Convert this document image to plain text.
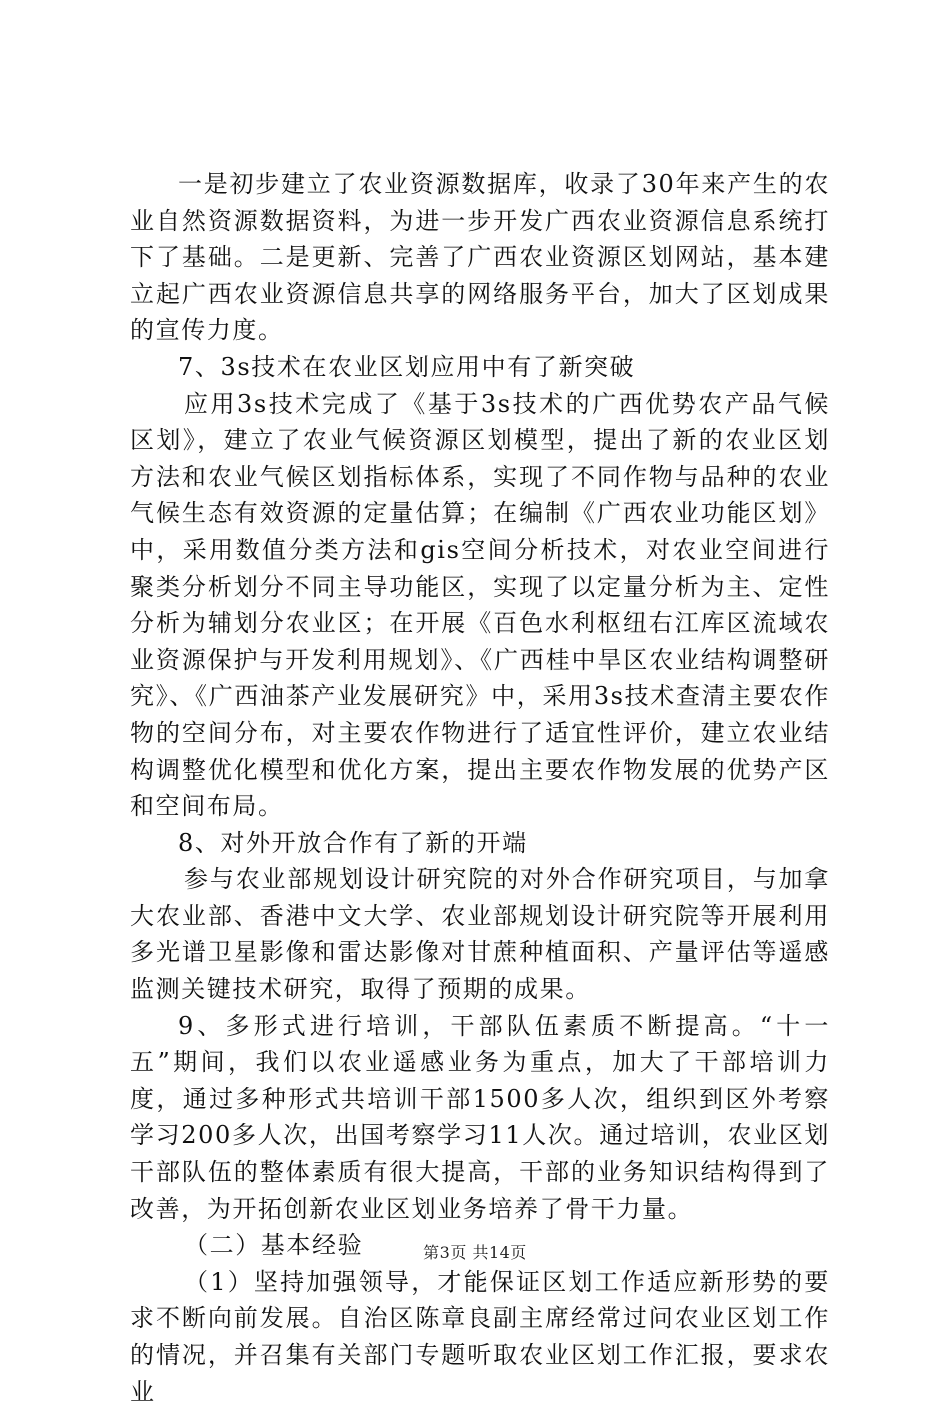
一是初步建立了农业资源数据库，收录了30年来产生的农业自然资源数据资料，为进一步开发广西农业资源信息系统打下了基础。二是更新、完善了广西农业资源区划网站，基本建立起广西农业资源信息共享的网络服务平台，加大了区划成果的宣传力度。

7、3s技术在农业区划应用中有了新突破

应用3s技术完成了《基于3s技术的广西优势农产品气候区划》，建立了农业气候资源区划模型，提出了新的农业区划方法和农业气候区划指标体系，实现了不同作物与品种的农业气候生态有效资源的定量估算；在编制《广西农业功能区划》中，采用数值分类方法和gis空间分析技术，对农业空间进行聚类分析划分不同主导功能区，实现了以定量分析为主、定性分析为辅划分农业区；在开展《百色水利枢纽右江库区流域农业资源保护与开发利用规划》、《广西桂中旱区农业结构调整研究》、《广西油茶产业发展研究》中，采用3s技术查清主要农作物的空间分布，对主要农作物进行了适宜性评价，建立农业结构调整优化模型和优化方案，提出主要农作物发展的优势产区和空间布局。

8、对外开放合作有了新的开端

参与农业部规划设计研究院的对外合作研究项目，与加拿大农业部、香港中文大学、农业部规划设计研究院等开展利用多光谱卫星影像和雷达影像对甘蔗种植面积、产量评估等遥感监测关键技术研究，取得了预期的成果。

9、多形式进行培训，干部队伍素质不断提高。“十一五”期间，我们以农业遥感业务为重点，加大了干部培训力度，通过多种形式共培训干部1500多人次，组织到区外考察学习200多人次，出国考察学习11人次。通过培训，农业区划干部队伍的整体素质有很大提高，干部的业务知识结构得到了改善，为开拓创新农业区划业务培养了骨干力量。

（二）基本经验

（1）坚持加强领导，才能保证区划工作适应新形势的要求不断向前发展。自治区陈章良副主席经常过问农业区划工作的情况，并召集有关部门专题听取农业区划工作汇报，要求农业

第3页 共14页
